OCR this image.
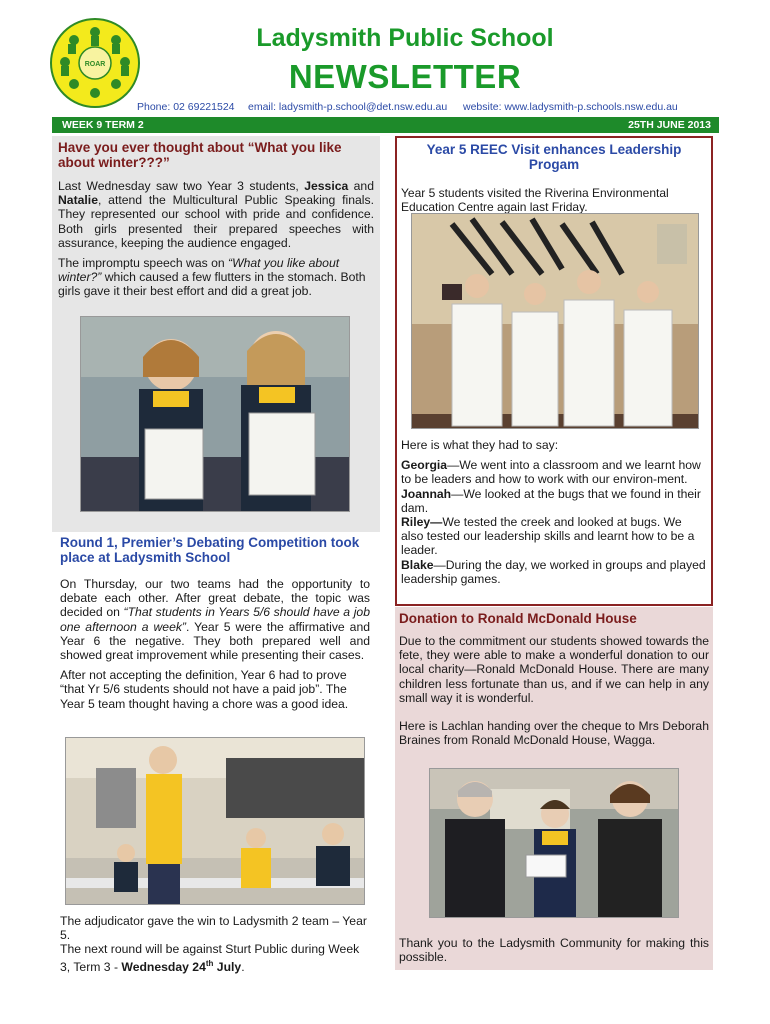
ROAR
Ladysmith Public School
NEWSLETTER
Phone: 02 69221524 email: ladysmith-p.school@det.nsw.edu.au website: www.ladysmith-p.schools.nsw.edu.au
WEEK 9 TERM 2	25TH JUNE 2013
Have you ever thought about “What you like about winter???”

Last Wednesday saw two Year 3 students, Jessica and Natalie, attend the Multicultural Public Speaking finals. They represented our school with pride and confidence. Both girls presented their prepared speeches with assurance, keeping the audience engaged.

The impromptu speech was on “What you like about winter?” which caused a few flutters in the stomach. Both girls gave it their best effort and did a great job.

Round 1, Premier’s Debating Competition took place at Ladysmith School

On Thursday, our two teams had the opportunity to debate each other. After great debate, the topic was decided on “That students in Years 5/6 should have a job one afternoon a week”. Year 5 were the affirmative and Year 6 the negative. They both prepared well and showed great improvement while presenting their cases.

After not accepting the definition, Year 6 had to prove “that Yr 5/6 students should not have a paid job”. The Year 5 team thought having a chore was a good idea.

The adjudicator gave the win to Ladysmith 2 team – Year 5.

The next round will be against Sturt Public during Week 3, Term 3 - Wednesday 24th July.

Year 5 REEC Visit enhances Leadership Progam

Year 5 students visited the Riverina Environmental Education Centre again last Friday.

Here is what they had to say:

Georgia—We went into a classroom and we learnt how to be leaders and how to work with our environ-ment.

Joannah—We looked at the bugs that we found in their dam.

Riley—We tested the creek and looked at bugs. We also tested our leadership skills and learnt how to be a leader.

Blake—During the day, we worked in groups and played leadership games.

Donation to Ronald McDonald House

Due to the commitment our students showed towards the fete, they were able to make a wonderful donation to our local charity—Ronald McDonald House. There are many children less fortunate than us, and if we can help in any small way it is wonderful.

Here is Lachlan handing over the cheque to Mrs Deborah Braines from Ronald McDonald House, Wagga.

Thank you to the Ladysmith Community for making this possible.
